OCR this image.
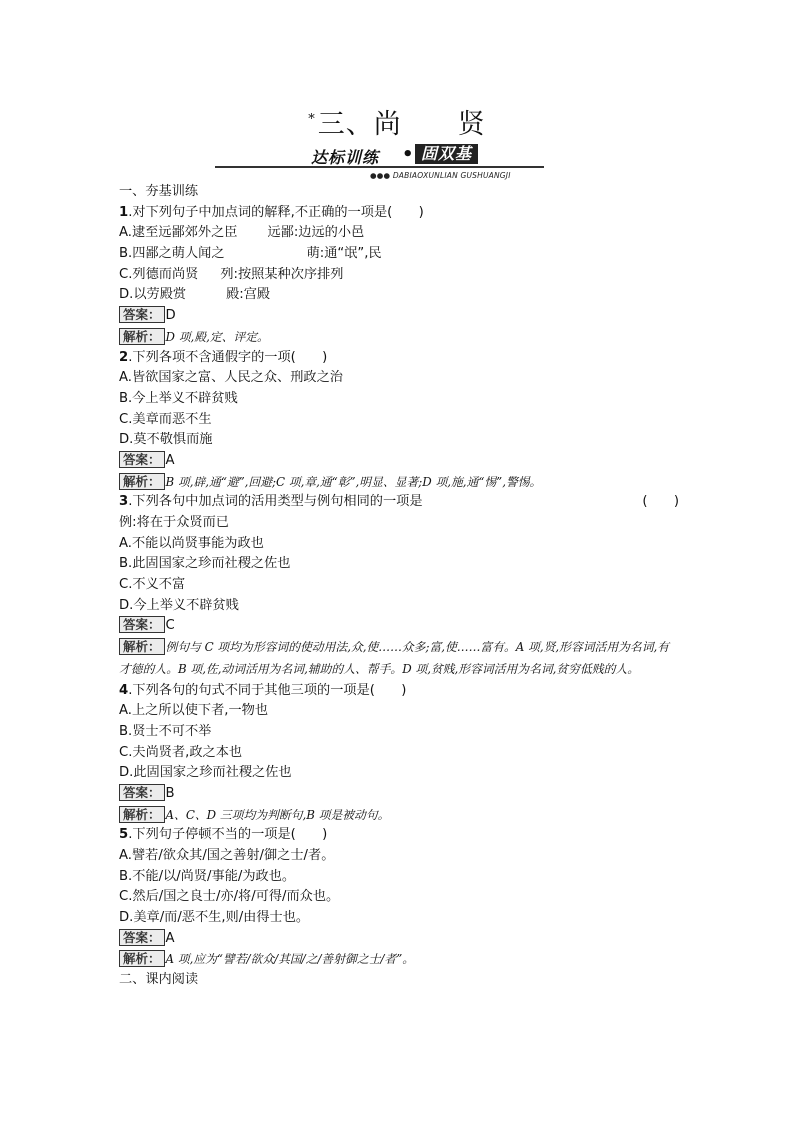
*三、尚 贤
达标训练 • 固双基
●●● DABIAOXUNLIAN GUSHUANGJI
一、夯基训练
1.对下列句子中加点词的解释,不正确的一项是(　　)
A.逮至远鄙郊外之臣 远鄙:边远的小邑
B.四鄙之萌人闻之	萌:通“氓”,民
C.列德而尚贤 列:按照某种次序排列
D.以劳殿赏	殿:宫殿
答案： D
解析： D 项,殿,定、评定。
2.下列各项不含通假字的一项(　　)
A.皆欲国家之富、人民之众、刑政之治
B.今上举义不辟贫贱
C.美章而恶不生
D.莫不敬惧而施
答案： A
解析： B 项,辟,通“避”,回避;C 项,章,通“彰”,明显、显著;D 项,施,通“惕”,警惕。
3.下列各句中加点词的活用类型与例句相同的一项是	(　　)
例:将在于众贤而已
A.不能以尚贤事能为政也
B.此固国家之珍而社稷之佐也
C.不义不富
D.今上举义不辟贫贱
答案： C
解析： 例句与 C 项均为形容词的使动用法,众,使……众多;富,使……富有。A 项,贤,形容词活用为名词,有才德的人。B 项,佐,动词活用为名词,辅助的人、帮手。D 项,贫贱,形容词活用为名词,贫穷低贱的人。
4.下列各句的句式不同于其他三项的一项是(　　)
A.上之所以使下者,一物也
B.贤士不可不举
C.夫尚贤者,政之本也
D.此固国家之珍而社稷之佐也
答案： B
解析： A、C、D 三项均为判断句,B 项是被动句。
5.下列句子停顿不当的一项是(　　)
A.譬若/欲众其/国之善射/御之士/者。
B.不能/以/尚贤/事能/为政也。
C.然后/国之良士/亦/将/可得/而众也。
D.美章/而/恶不生,则/由得士也。
答案： A
解析： A 项,应为“譬若/欲众/其国/之/善射御之士/者”。
二、课内阅读
